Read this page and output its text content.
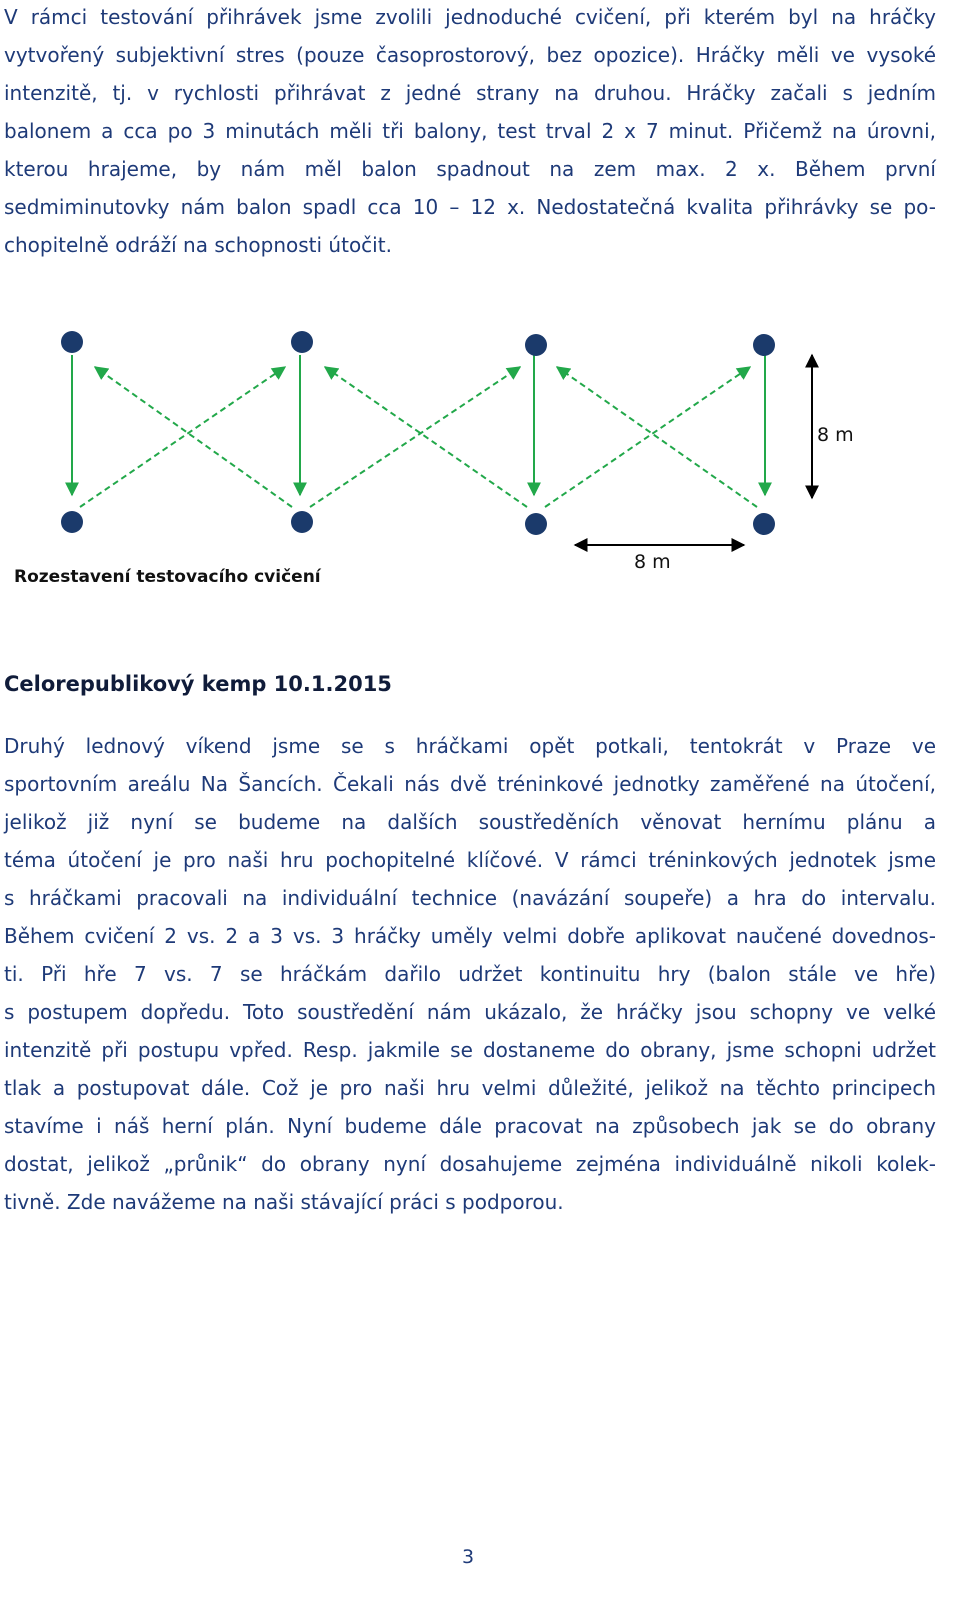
V rámci testování přihrávek jsme zvolili jednoduché cvičení, při kterém byl na hráčky
vytvořený subjektivní stres (pouze časoprostorový, bez opozice). Hráčky měli ve vysoké
intenzitě, tj. v rychlosti přihrávat z jedné strany na druhou. Hráčky začali s jedním
balonem a cca po 3 minutách měli tři balony, test trval 2 x 7 minut. Přičemž na úrovni,
kterou hrajeme, by nám měl balon spadnout na zem max. 2 x. Během první
sedmiminutovky nám balon spadl cca 10 – 12 x. Nedostatečná kvalita přihrávky se po-
chopitelně odráží na schopnosti útočit.
8 m
8 m
Rozestavení testovacího cvičení
Celorepublikový kemp 10.1.2015
Druhý lednový víkend jsme se s hráčkami opět potkali, tentokrát v Praze ve
sportovním areálu Na Šancích. Čekali nás dvě tréninkové jednotky zaměřené na útočení,
jelikož již nyní se budeme na dalších soustředěních věnovat hernímu plánu a
téma útočení je pro naši hru pochopitelné klíčové. V rámci tréninkových jednotek jsme
s hráčkami pracovali na individuální technice (navázání soupeře) a hra do intervalu.
Během cvičení 2 vs. 2 a 3 vs. 3 hráčky uměly velmi dobře aplikovat naučené dovednos-
ti. Při hře 7 vs. 7 se hráčkám dařilo udržet kontinuitu hry (balon stále ve hře)
s postupem dopředu. Toto soustředění nám ukázalo, že hráčky jsou schopny ve velké
intenzitě při postupu vpřed. Resp. jakmile se dostaneme do obrany, jsme schopni udržet
tlak a postupovat dále. Což je pro naši hru velmi důležité, jelikož na těchto principech
stavíme i náš herní plán. Nyní budeme dále pracovat na způsobech jak se do obrany
dostat, jelikož „průnik“ do obrany nyní dosahujeme zejména individuálně nikoli kolek-
tivně. Zde navážeme na naši stávající práci s podporou.
3
